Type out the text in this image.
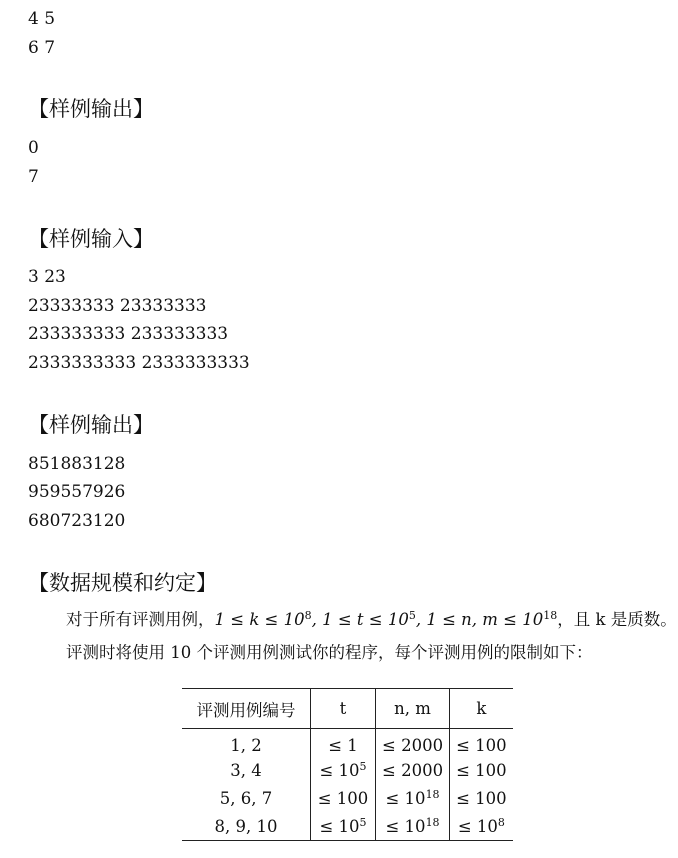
4 5
6 7
【样例输出】
0
7
【样例输入】
3 23
23333333 23333333
233333333 233333333
2333333333 2333333333
【样例输出】
851883128
959557926
680723120
【数据规模和约定】
对于所有评测用例，$1 \le k \le 10^8$, $1 \le t \le 10^5$, 1 ≤ n, $m \le 10^{18}$，且 k 是质数。
评测时将使用 10 个评测用例测试你的程序，每个评测用例的限制如下：
评测用例编号	t	n, m	k
1, 2	≤ 1	≤ 2000	≤ 100
3, 4	≤ $10^5$	≤ 2000	≤ 100
5, 6, 7	≤ 100	≤ $10^{18}$	≤ 100
8, 9, 10	≤ $10^5$	≤ $10^{18}$	≤ $10^8$
